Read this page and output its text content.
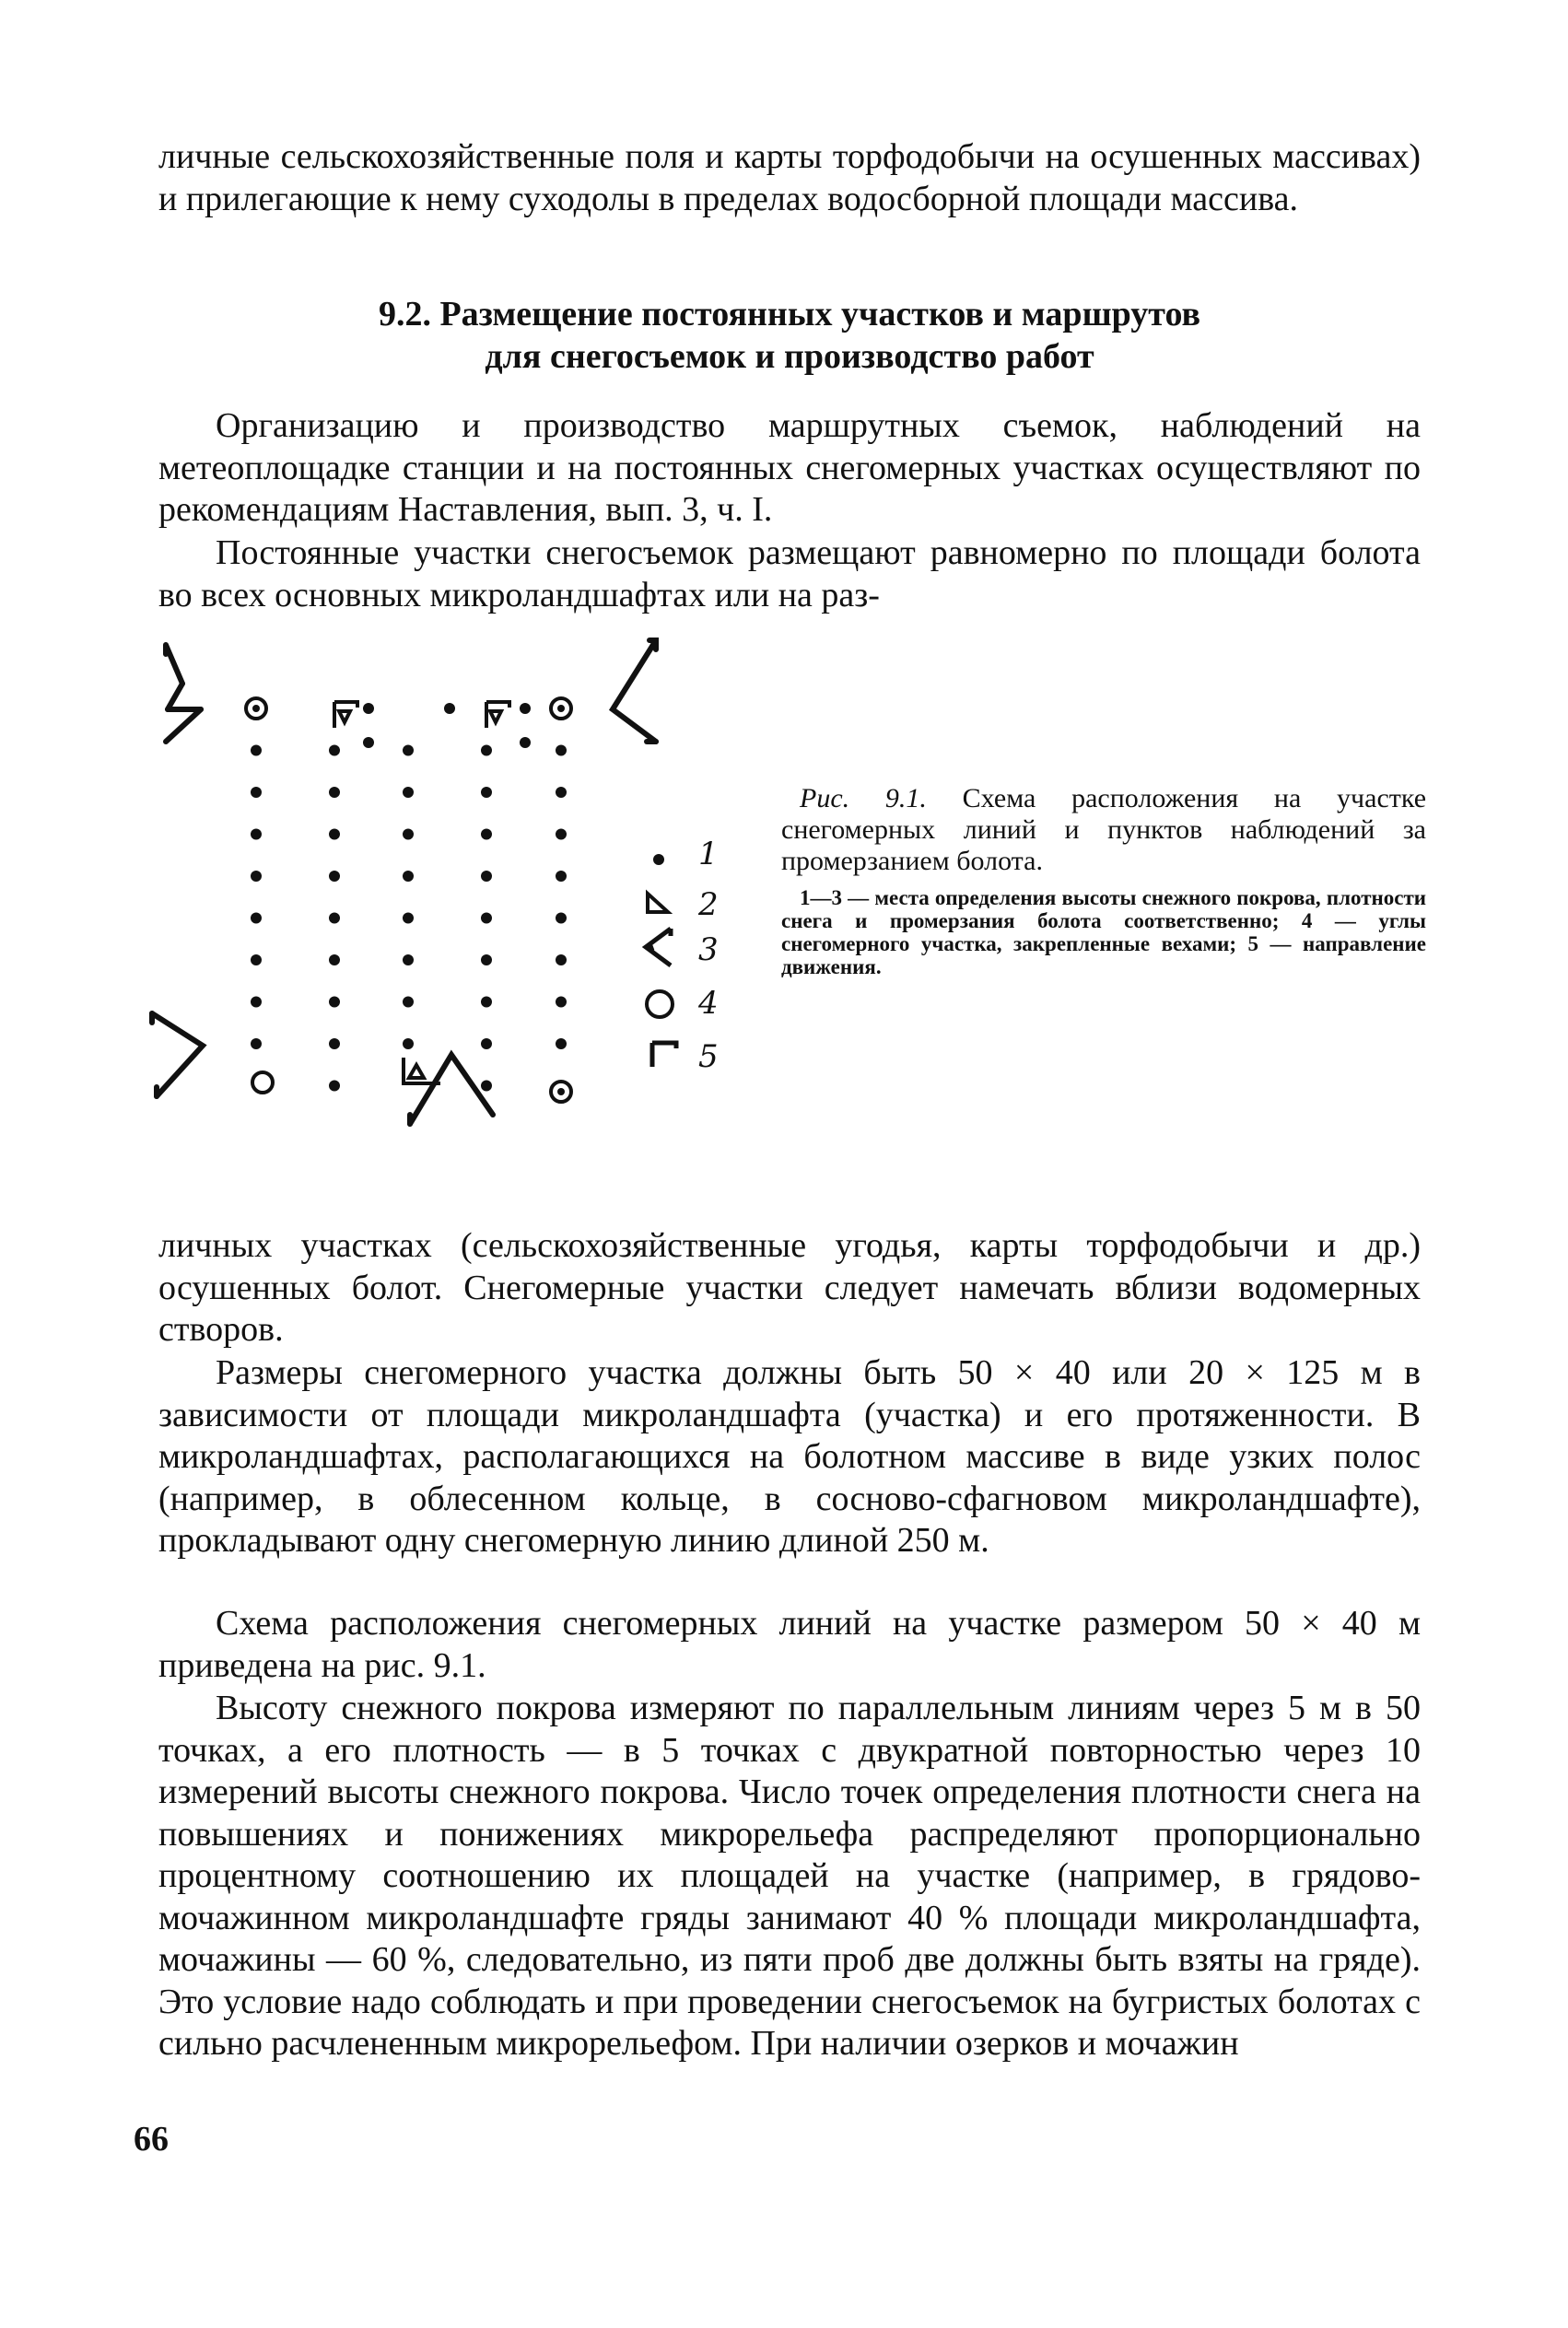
личные сельскохозяйственные поля и карты торфодобычи на осушенных массивах) и прилегающие к нему суходолы в пределах водосборной площади массива.

9.2. Размещение постоянных участков и маршрутов

для снегосъемок и производство работ

Организацию и производство маршрутных съемок, наблюдений на метеоплощадке станции и на постоянных снегомерных участках осуществляют по рекомендациям Наставления, вып. 3, ч. I.

Постоянные участки снегосъемок размещают равномерно по площади болота во всех основных микроландшафтах или на раз-

1
2
3
4
5

Рис. 9.1. Схема расположения на участке снегомерных линий и пунктов наблюдений за промерзанием болота.

1—3 — места определения высоты снежного покрова, плотности снега и промерзания болота соответственно; 4 — углы снегомерного участка, закрепленные вехами; 5 — направление движения.

личных участках (сельскохозяйственные угодья, карты торфодобычи и др.) осушенных болот. Снегомерные участки следует намечать вблизи водомерных створов.

Размеры снегомерного участка должны быть 50 × 40 или 20 × 125 м в зависимости от площади микроландшафта (участка) и его протяженности. В микроландшафтах, располагающихся на болотном массиве в виде узких полос (например, в облесенном кольце, в сосново-сфагновом микроландшафте), прокладывают одну снегомерную линию длиной 250 м.

Схема расположения снегомерных линий на участке размером 50 × 40 м приведена на рис. 9.1.

Высоту снежного покрова измеряют по параллельным линиям через 5 м в 50 точках, а его плотность — в 5 точках с двукратной повторностью через 10 измерений высоты снежного покрова. Число точек определения плотности снега на повышениях и понижениях микрорельефа распределяют пропорционально процентному соотношению их площадей на участке (например, в грядово-мочажинном микроландшафте гряды занимают 40 % площади микроландшафта, мочажины — 60 %, следовательно, из пяти проб две должны быть взяты на гряде). Это условие надо соблюдать и при проведении снегосъемок на бугристых болотах с сильно расчлененным микрорельефом. При наличии озерков и мочажин

66
